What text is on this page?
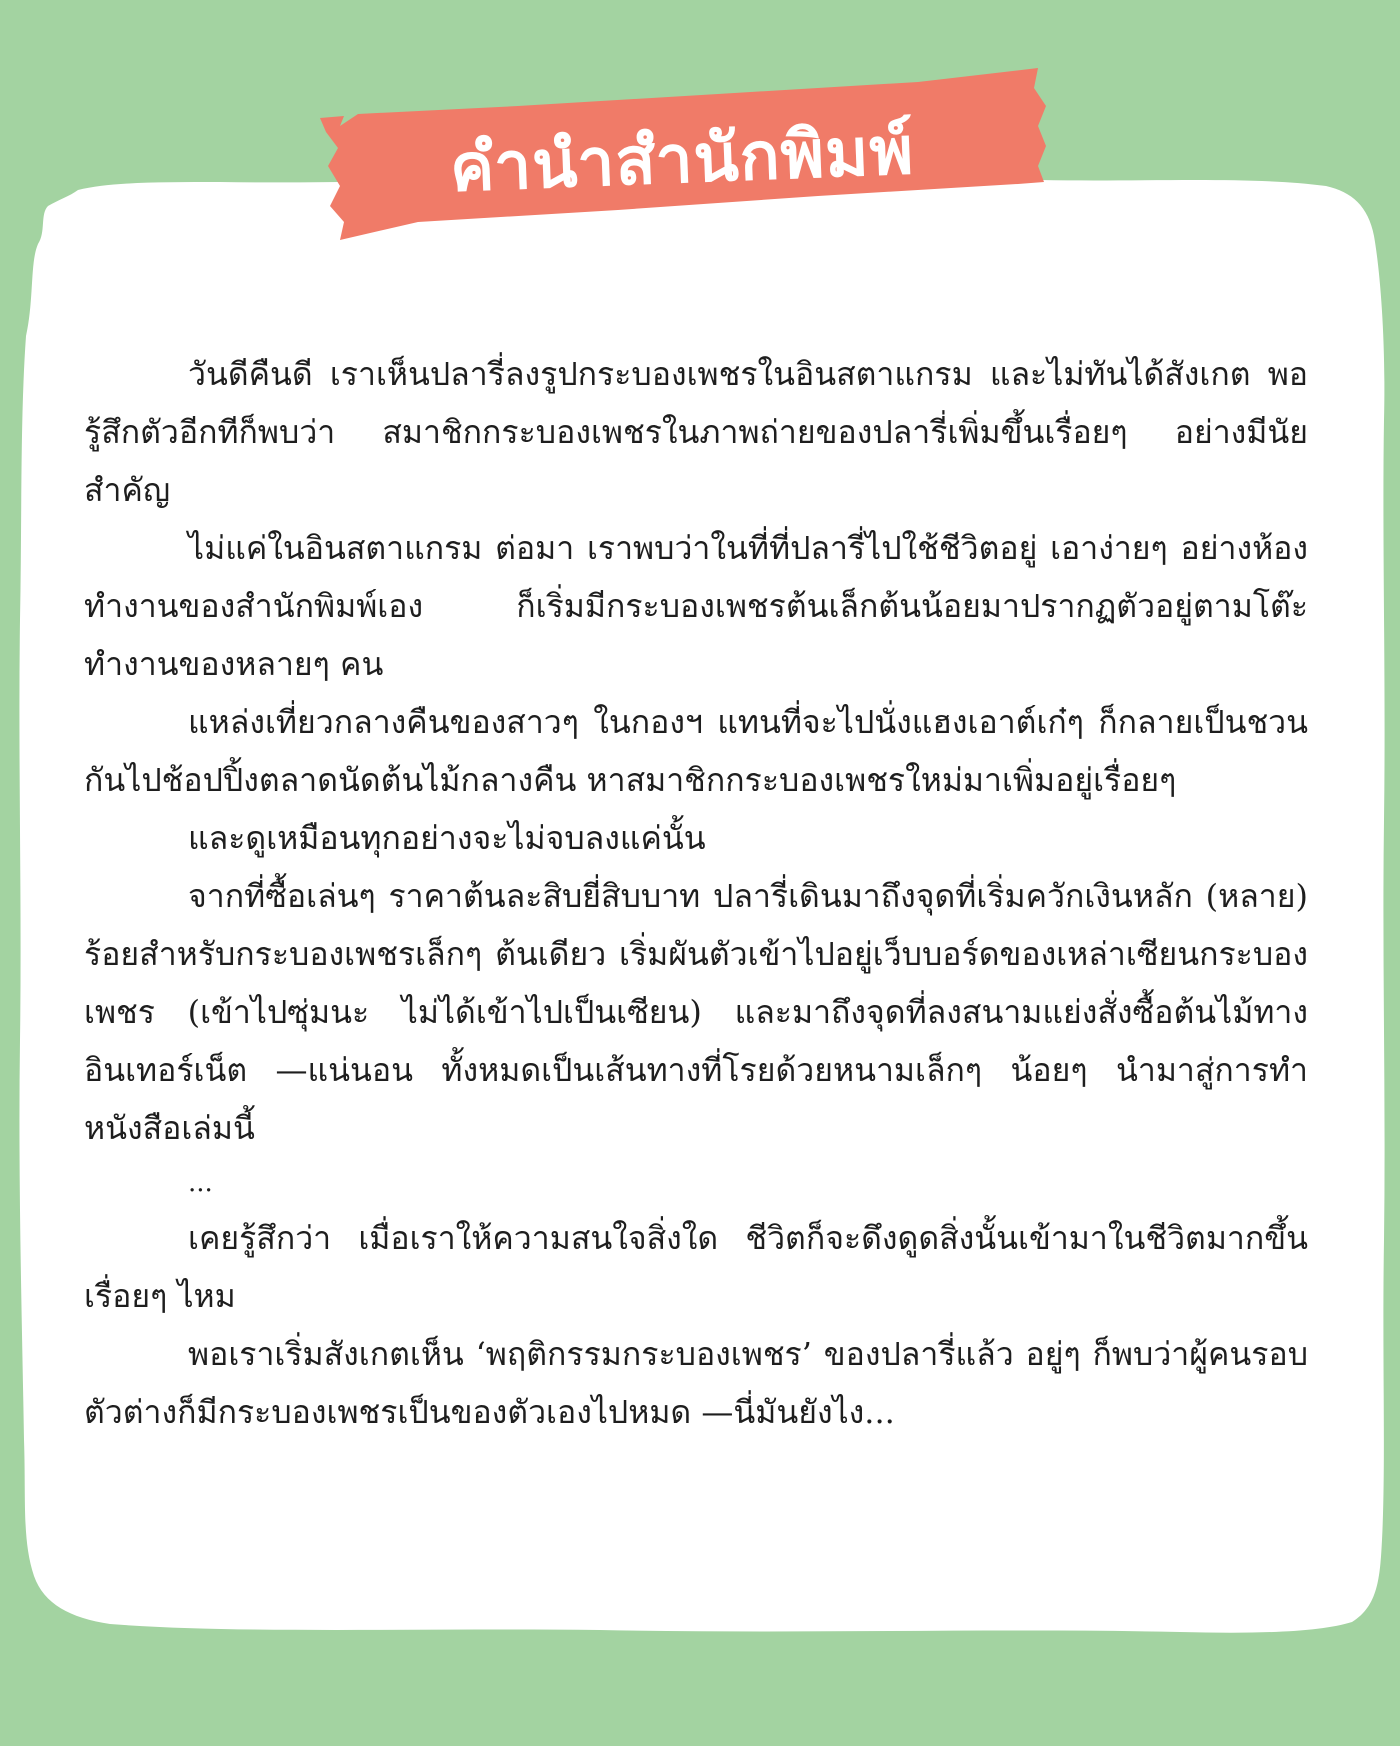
คำนำสำนักพิมพ์

วันดีคืนดี เราเห็นปลารี่ลงรูปกระบองเพชรในอินสตาแกรม และไม่ทันได้สังเกต พอรู้สึกตัวอีกทีก็พบว่า สมาชิกกระบองเพชรในภาพถ่ายของปลารี่เพิ่มขึ้นเรื่อยๆ อย่างมีนัยสำคัญ

ไม่แค่ในอินสตาแกรม ต่อมา เราพบว่าในที่ที่ปลารี่ไปใช้ชีวิตอยู่ เอาง่ายๆ อย่างห้องทำงานของสำนักพิมพ์เอง ก็เริ่มมีกระบองเพชรต้นเล็กต้นน้อยมาปรากฏตัวอยู่ตามโต๊ะทำงานของหลายๆ คน

แหล่งเที่ยวกลางคืนของสาวๆ ในกองฯ แทนที่จะไปนั่งแฮงเอาต์เก๋ๆ ก็กลายเป็นชวนกันไปช้อปปิ้งตลาดนัดต้นไม้กลางคืน หาสมาชิกกระบองเพชรใหม่มาเพิ่มอยู่เรื่อยๆ

และดูเหมือนทุกอย่างจะไม่จบลงแค่นั้น

จากที่ซื้อเล่นๆ ราคาต้นละสิบยี่สิบบาท ปลารี่เดินมาถึงจุดที่เริ่มควักเงินหลัก (หลาย) ร้อยสำหรับกระบองเพชรเล็กๆ ต้นเดียว เริ่มผันตัวเข้าไปอยู่เว็บบอร์ดของเหล่าเซียนกระบองเพชร (เข้าไปซุ่มนะ ไม่ได้เข้าไปเป็นเซียน) และมาถึงจุดที่ลงสนามแย่งสั่งซื้อต้นไม้ทางอินเทอร์เน็ต —แน่นอน ทั้งหมดเป็นเส้นทางที่โรยด้วยหนามเล็กๆ น้อยๆ นำมาสู่การทำหนังสือเล่มนี้

...

เคยรู้สึกว่า เมื่อเราให้ความสนใจสิ่งใด ชีวิตก็จะดึงดูดสิ่งนั้นเข้ามาในชีวิตมากขึ้นเรื่อยๆ ไหม

พอเราเริ่มสังเกตเห็น ‘พฤติกรรมกระบองเพชร’ ของปลารี่แล้ว อยู่ๆ ก็พบว่าผู้คนรอบตัวต่างก็มีกระบองเพชรเป็นของตัวเองไปหมด —นี่มันยังไง...
